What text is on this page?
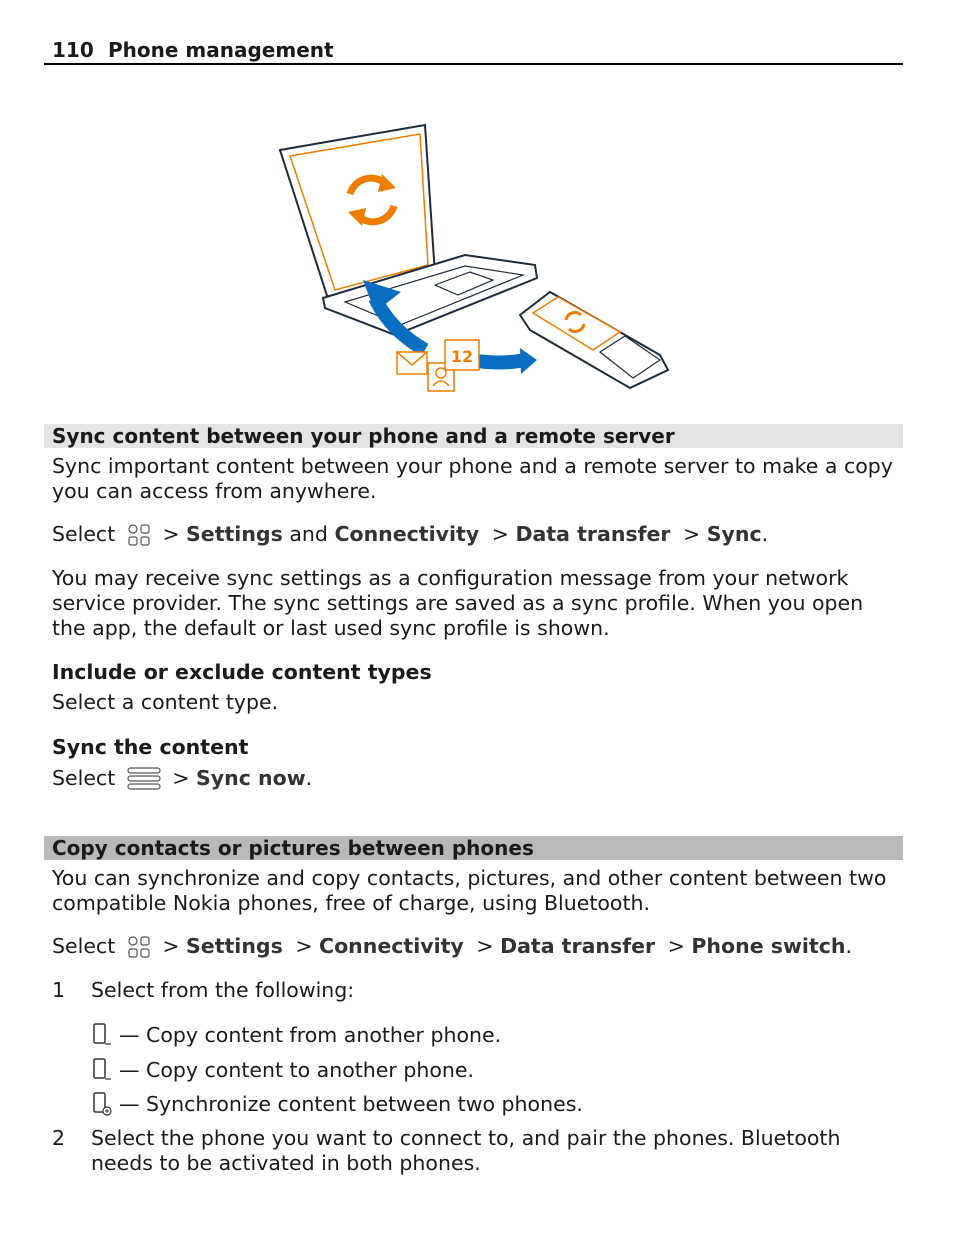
110 Phone management
12
Sync content between your phone and a remote server
Sync important content between your phone and a remote server to make a copy you can access from anywhere.
Select > Settings and Connectivity > Data transfer > Sync.
You may receive sync settings as a configuration message from your network service provider. The sync settings are saved as a sync profile. When you open the app, the default or last used sync profile is shown.
Include or exclude content types
Select a content type.
Sync the content
Select	> Sync now.
Copy contacts or pictures between phones
You can synchronize and copy contacts, pictures, and other content between two compatible Nokia phones, free of charge, using Bluetooth.
Select > Settings > Connectivity > Data transfer > Phone switch.
1 Select from the following:
— Copy content from another phone.
— Copy content to another phone.
— Synchronize content between two phones.
2 Select the phone you want to connect to, and pair the phones. Bluetooth needs to be activated in both phones.
